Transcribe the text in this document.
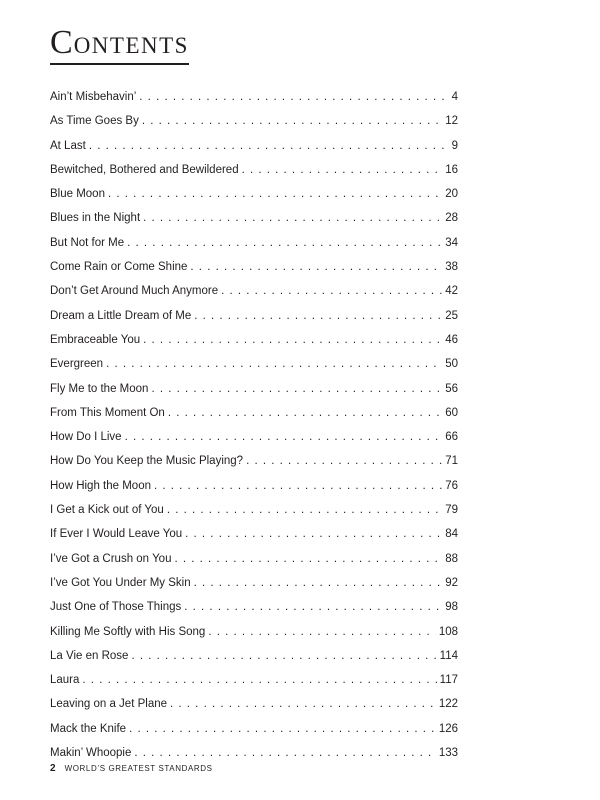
CONTENTS
Ain’t Misbehavin’ . . .	4
As Time Goes By . . .	12
At Last . . .	9
Bewitched, Bothered and Bewildered . . .	16
Blue Moon . . .	20
Blues in the Night . . .	28
But Not for Me . . .	34
Come Rain or Come Shine . . .	38
Don’t Get Around Much Anymore . . .	42
Dream a Little Dream of Me . . .	25
Embraceable You . . .	46
Evergreen . . .	50
Fly Me to the Moon . . .	56
From This Moment On . . .	60
How Do I Live . . .	66
How Do You Keep the Music Playing? . . .	71
How High the Moon . . .	76
I Get a Kick out of You . . .	79
If Ever I Would Leave You . . .	84
I’ve Got a Crush on You . . .	88
I’ve Got You Under My Skin . . .	92
Just One of Those Things . . .	98
Killing Me Softly with His Song . . .	108
La Vie en Rose . . .	114
Laura . . .	117
Leaving on a Jet Plane . . .	122
Mack the Knife . . .	126
Makin’ Whoopie . . .	133
2 WORLD’S GREATEST STANDARDS
